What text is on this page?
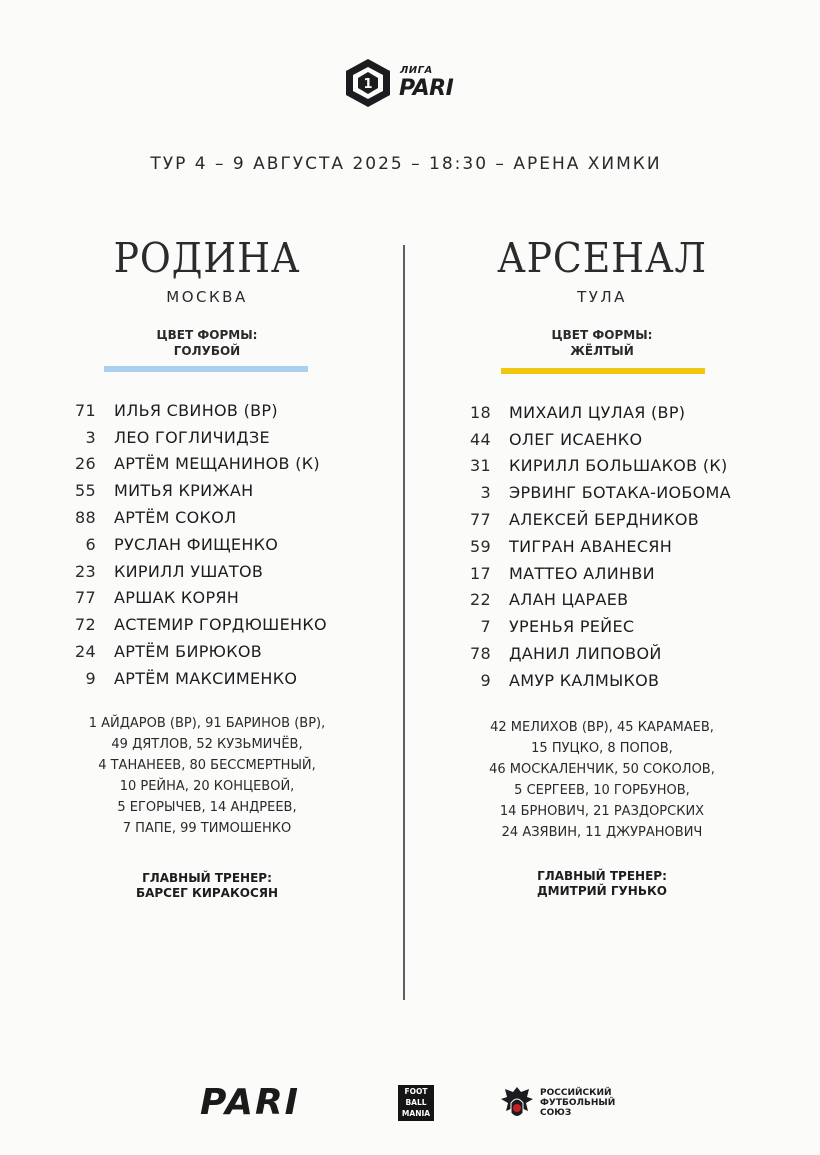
1
ЛИГА
PARI
ТУР 4 – 9 АВГУСТА 2025 – 18:30 – АРЕНА ХИМКИ
РОДИНА
МОСКВА
ЦВЕТ ФОРМЫ:
ГОЛУБОЙ
71 ИЛЬЯ СВИНОВ (ВР)
3 ЛЕО ГОГЛИЧИДЗЕ
26 АРТЁМ МЕЩАНИНОВ (К)
55 МИТЬЯ КРИЖАН
88 АРТЁМ СОКОЛ
6 РУСЛАН ФИЩЕНКО
23 КИРИЛЛ УШАТОВ
77 АРШАК КОРЯН
72 АСТЕМИР ГОРДЮШЕНКО
24 АРТЁМ БИРЮКОВ
9 АРТЁМ МАКСИМЕНКО
1 АЙДАРОВ (ВР), 91 БАРИНОВ (ВР),
49 ДЯТЛОВ, 52 КУЗЬМИЧЁВ,
4 ТАНАНЕЕВ, 80 БЕССМЕРТНЫЙ,
10 РЕЙНА, 20 КОНЦЕВОЙ,
5 ЕГОРЫЧЕВ, 14 АНДРЕЕВ,
7 ПАПЕ, 99 ТИМОШЕНКО
ГЛАВНЫЙ ТРЕНЕР:
БАРСЕГ КИРАКОСЯН
АРСЕНАЛ
ТУЛА
ЦВЕТ ФОРМЫ:
ЖЁЛТЫЙ
18 МИХАИЛ ЦУЛАЯ (ВР)
44 ОЛЕГ ИСАЕНКО
31 КИРИЛЛ БОЛЬШАКОВ (К)
3 ЭРВИНГ БОТАКА-ИОБОМА
77 АЛЕКСЕЙ БЕРДНИКОВ
59 ТИГРАН АВАНЕСЯН
17 МАТТЕО АЛИНВИ
22 АЛАН ЦАРАЕВ
7 УРЕНЬЯ РЕЙЕС
78 ДАНИЛ ЛИПОВОЙ
9 АМУР КАЛМЫКОВ
42 МЕЛИХОВ (ВР), 45 КАРАМАЕВ,
15 ПУЦКО, 8 ПОПОВ,
46 МОСКАЛЕНЧИК, 50 СОКОЛОВ,
5 СЕРГЕЕВ, 10 ГОРБУНОВ,
14 БРНОВИЧ, 21 РАЗДОРСКИХ
24 АЗЯВИН, 11 ДЖУРАНОВИЧ
ГЛАВНЫЙ ТРЕНЕР:
ДМИТРИЙ ГУНЬКО
PARI	FOOT
BALL
MANIA
РОССИЙСКИЙ
ФУТБОЛЬНЫЙ
СОЮЗ
